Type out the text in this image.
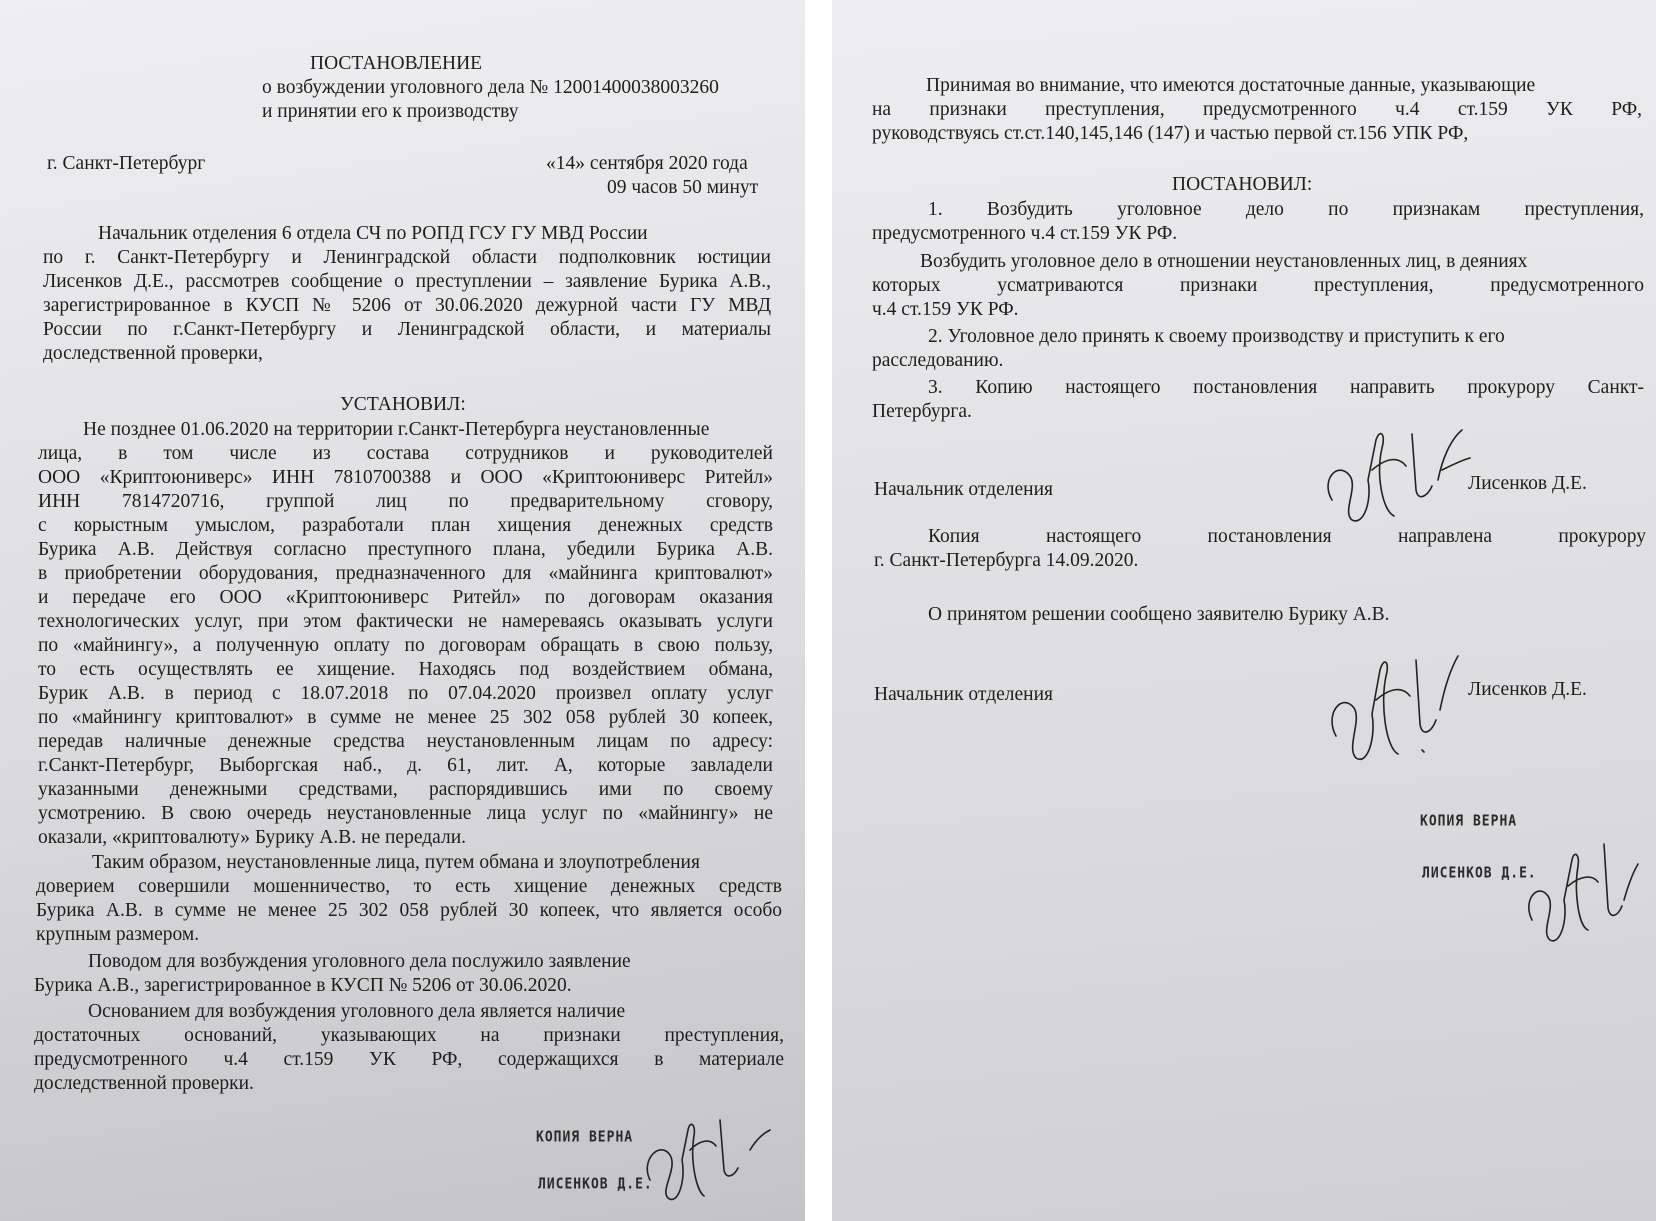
ПОСТАНОВЛЕНИЕ
о возбуждении уголовного дела № 12001400038003260
и принятии его к производству
г. Санкт-Петербург	«14» сентября 2020 года
09 часов 50 минут
Начальник отделения 6 отдела СЧ по РОПД ГСУ ГУ МВД России
по г. Санкт-Петербургу и Ленинградской области подполковник юстиции
Лисенков Д.Е., рассмотрев сообщение о преступлении – заявление Бурика А.В.,
зарегистрированное в КУСП № 5206 от 30.06.2020 дежурной части ГУ МВД
России по г.Санкт-Петербургу и Ленинградской области, и материалы
доследственной проверки,
УСТАНОВИЛ:
Не позднее 01.06.2020 на территории г.Санкт-Петербурга неустановленные
лица, в том числе из состава сотрудников и руководителей
ООО «Криптоюниверс» ИНН 7810700388 и ООО «Криптоюниверс Ритейл»
ИНН 7814720716, группой лиц по предварительному сговору,
с корыстным умыслом, разработали план хищения денежных средств
Бурика А.В. Действуя согласно преступного плана, убедили Бурика А.В.
в приобретении оборудования, предназначенного для «майнинга криптовалют»
и передаче его ООО «Криптоюниверс Ритейл» по договорам оказания
технологических услуг, при этом фактически не намереваясь оказывать услуги
по «майнингу», а полученную оплату по договорам обращать в свою пользу,
то есть осуществлять ее хищение. Находясь под воздействием обмана,
Бурик А.В. в период с 18.07.2018 по 07.04.2020 произвел оплату услуг
по «майнингу криптовалют» в сумме не менее 25 302 058 рублей 30 копеек,
передав наличные денежные средства неустановленным лицам по адресу:
г.Санкт-Петербург, Выборгская наб., д. 61, лит. А, которые завладели
указанными денежными средствами, распорядившись ими по своему
усмотрению. В свою очередь неустановленные лица услуг по «майнингу» не
оказали, «криптовалюту» Бурику А.В. не передали.
Таким образом, неустановленные лица, путем обмана и злоупотребления
доверием совершили мошенничество, то есть хищение денежных средств
Бурика А.В. в сумме не менее 25 302 058 рублей 30 копеек, что является особо
крупным размером.
Поводом для возбуждения уголовного дела послужило заявление
Бурика А.В., зарегистрированное в КУСП № 5206 от 30.06.2020.
Основанием для возбуждения уголовного дела является наличие
достаточных оснований, указывающих на признаки преступления,
предусмотренного ч.4 ст.159 УК РФ, содержащихся в материале
доследственной проверки.
КОПИЯ ВЕРНА
ЛИСЕНКОВ Д.Е.
Принимая во внимание, что имеются достаточные данные, указывающие
на признаки преступления, предусмотренного ч.4 ст.159 УК РФ,
руководствуясь ст.ст.140,145,146 (147) и частью первой ст.156 УПК РФ,
ПОСТАНОВИЛ:
1. Возбудить уголовное дело по признакам преступления,
предусмотренного ч.4 ст.159 УК РФ.
Возбудить уголовное дело в отношении неустановленных лиц, в деяниях
которых усматриваются признаки преступления, предусмотренного
ч.4 ст.159 УК РФ.
2. Уголовное дело принять к своему производству и приступить к его
расследованию.
3. Копию настоящего постановления направить прокурору Санкт-
Петербурга.
Начальник отделения	Лисенков Д.Е.
Копия настоящего постановления направлена прокурору
г. Санкт-Петербурга 14.09.2020.
О принятом решении сообщено заявителю Бурику А.В.
Начальник отделения	Лисенков Д.Е.
КОПИЯ ВЕРНА
ЛИСЕНКОВ Д.Е.
